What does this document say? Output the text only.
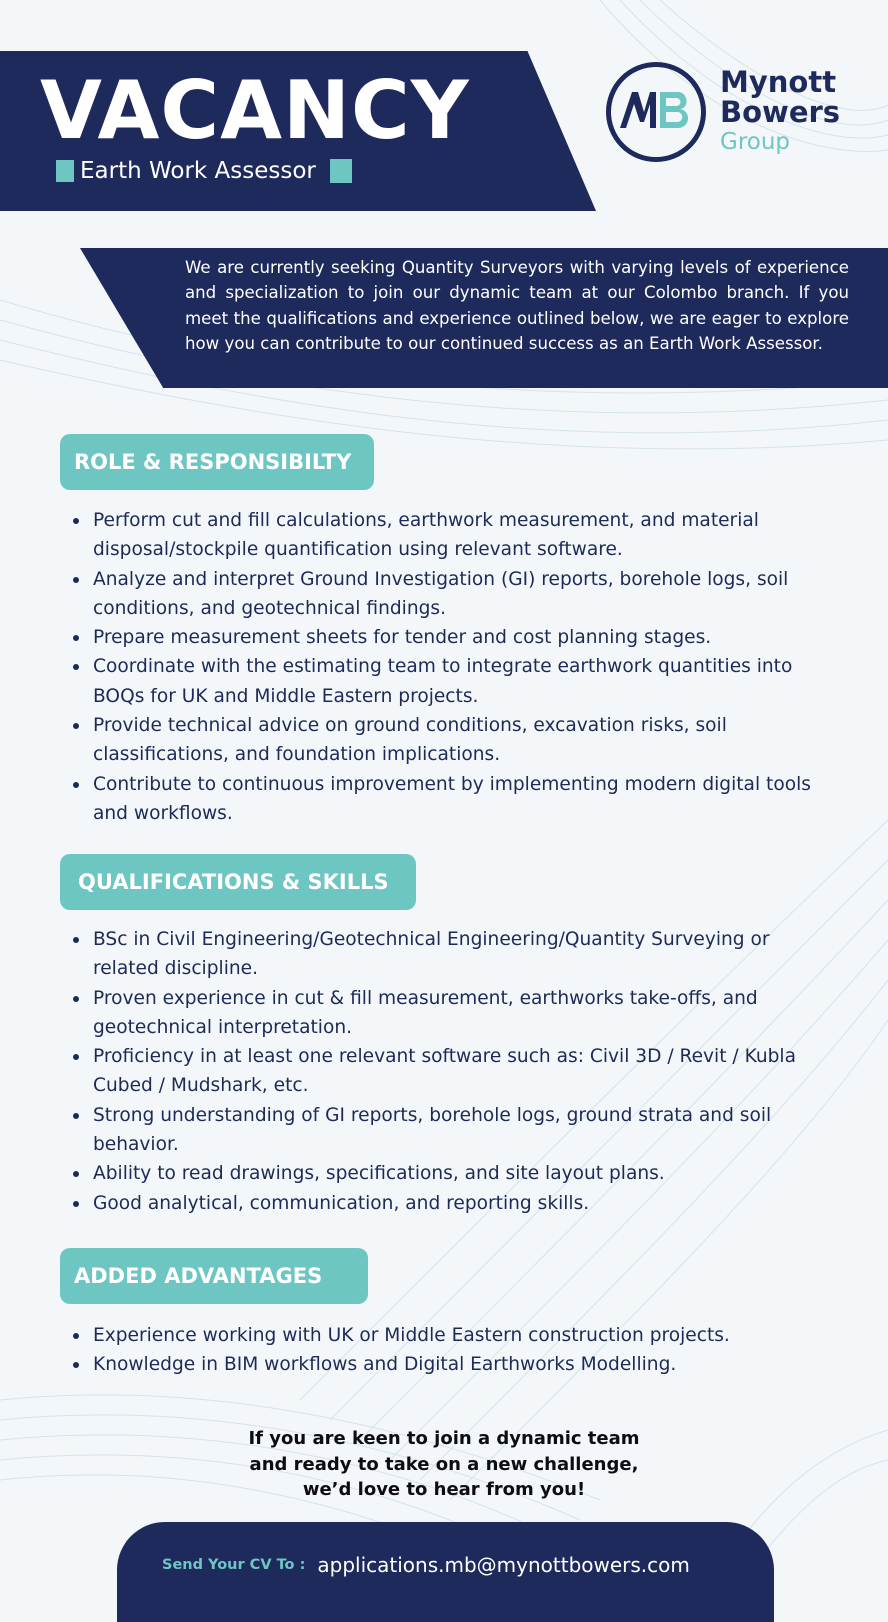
VACANCY
Earth Work Assessor
Mynott
Bowers
Group
We are currently seeking Quantity Surveyors with varying levels of experience and specialization to join our dynamic team at our Colombo branch. If you meet the qualifications and experience outlined below, we are eager to explore how you can contribute to our continued success as an Earth Work Assessor.
ROLE & RESPONSIBILTY
Perform cut and fill calculations, earthwork measurement, and material disposal/stockpile quantification using relevant software.
Analyze and interpret Ground Investigation (GI) reports, borehole logs, soil conditions, and geotechnical findings.
Prepare measurement sheets for tender and cost planning stages.
Coordinate with the estimating team to integrate earthwork quantities into BOQs for UK and Middle Eastern projects.
Provide technical advice on ground conditions, excavation risks, soil classifications, and foundation implications.
Contribute to continuous improvement by implementing modern digital tools and workflows.
QUALIFICATIONS & SKILLS
BSc in Civil Engineering/Geotechnical Engineering/Quantity Surveying or related discipline.
Proven experience in cut & fill measurement, earthworks take-offs, and geotechnical interpretation.
Proficiency in at least one relevant software such as: Civil 3D / Revit / Kubla Cubed / Mudshark, etc.
Strong understanding of GI reports, borehole logs, ground strata and soil behavior.
Ability to read drawings, specifications, and site layout plans.
Good analytical, communication, and reporting skills.
ADDED ADVANTAGES
Experience working with UK or Middle Eastern construction projects.
Knowledge in BIM workflows and Digital Earthworks Modelling.
If you are keen to join a dynamic team
and ready to take on a new challenge,
we’d love to hear from you!
Send Your CV To : applications.mb@mynottbowers.com
